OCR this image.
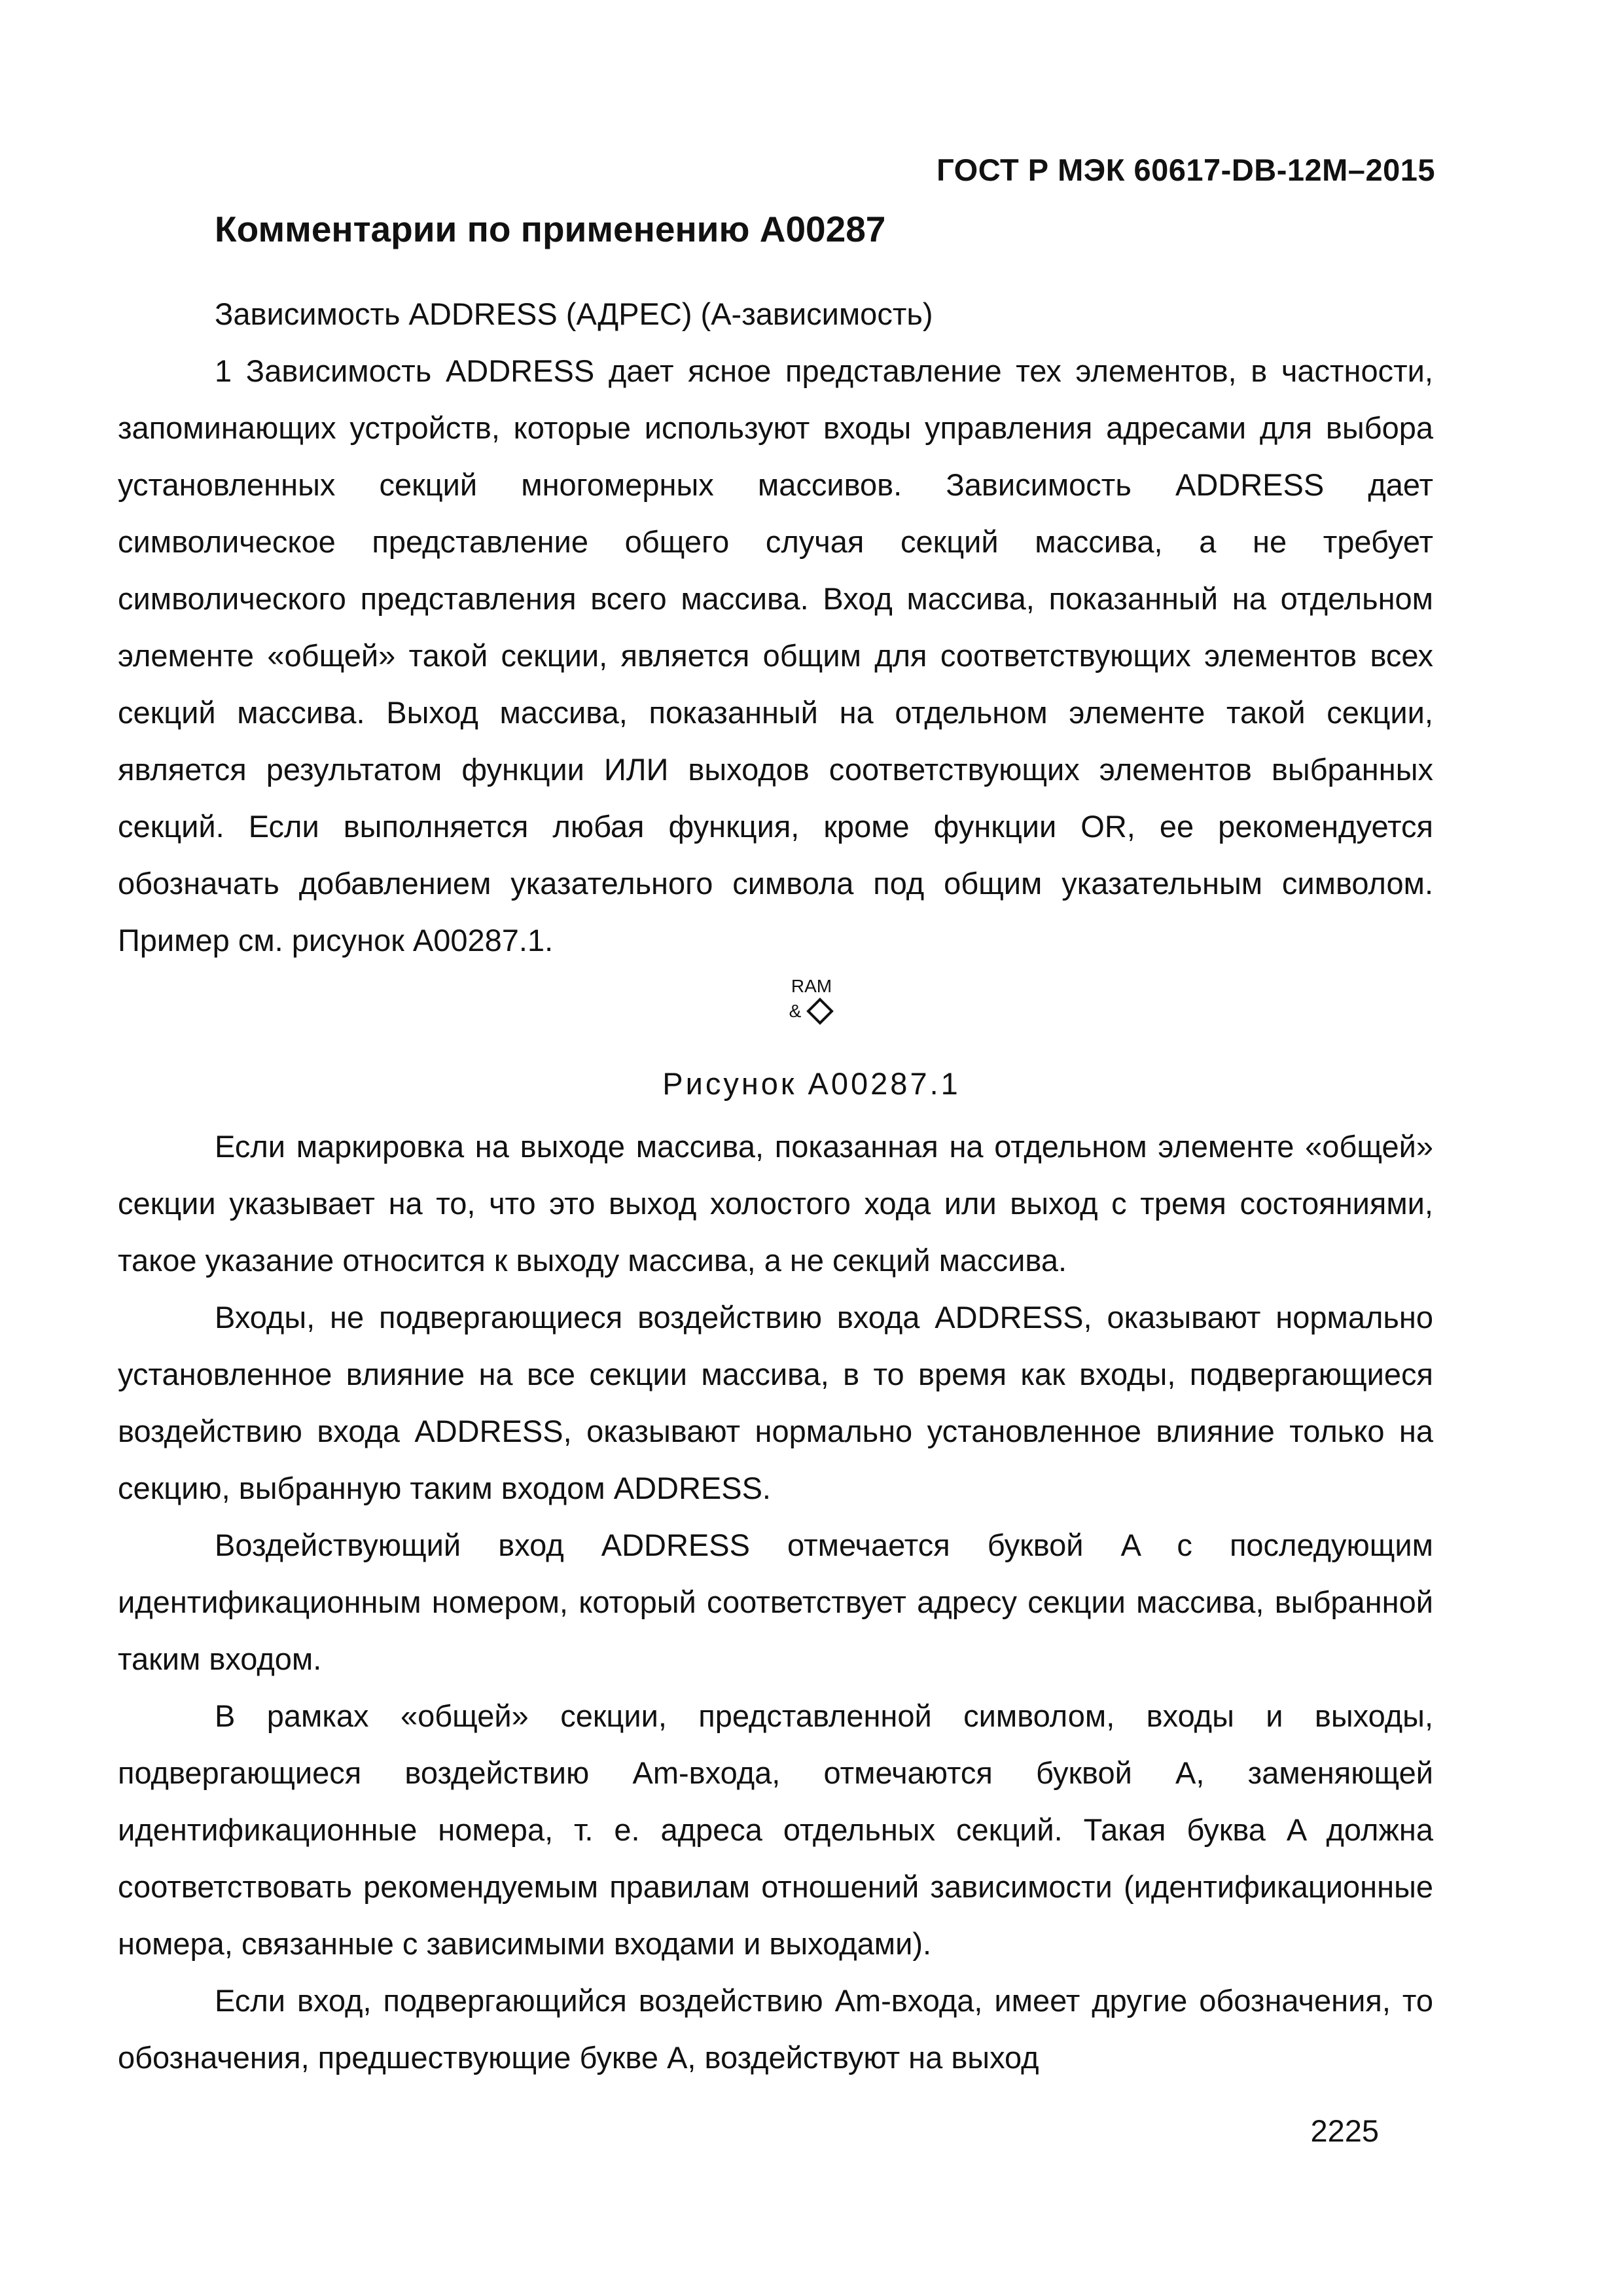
ГОСТ Р МЭК 60617-DB-12M–2015
Комментарии по применению A00287
Зависимость ADDRESS (АДРЕС) (А-зависимость)

1 Зависимость ADDRESS дает ясное представление тех элементов, в частности, запоминающих устройств, которые используют входы управления адресами для выбора установленных секций многомерных массивов. Зависимость ADDRESS дает символическое представление общего случая секций массива, а не требует символического представления всего массива. Вход массива, показанный на отдельном элементе «общей» такой секции, является общим для соответствующих элементов всех секций массива. Выход массива, показанный на отдельном элементе такой секции, является результатом функции ИЛИ выходов соответствующих элементов выбранных секций. Если выполняется любая функция, кроме функции OR, ее рекомендуется обозначать добавлением указательного символа под общим указательным символом. Пример см. рисунок A00287.1.

RAM
&
Рисунок A00287.1

Если маркировка на выходе массива, показанная на отдельном элементе «общей» секции указывает на то, что это выход холостого хода или выход с тремя состояниями, такое указание относится к выходу массива, а не секций массива.

Входы, не подвергающиеся воздействию входа ADDRESS, оказывают нормально установленное влияние на все секции массива, в то время как входы, подвергающиеся воздействию входа ADDRESS, оказывают нормально установленное влияние только на секцию, выбранную таким входом ADDRESS.

Воздействующий вход ADDRESS отмечается буквой A с последующим идентификационным номером, который соответствует адресу секции массива, выбранной таким входом.

В рамках «общей» секции, представленной символом, входы и выходы, подвергающиеся воздействию Am-входа, отмечаются буквой A, заменяющей идентификационные номера, т. е. адреса отдельных секций. Такая буква A должна соответствовать рекомендуемым правилам отношений зависимости (идентификационные номера, связанные с зависимыми входами и выходами).

Если вход, подвергающийся воздействию Am-входа, имеет другие обозначения, то обозначения, предшествующие букве A, воздействуют на выход

2225
